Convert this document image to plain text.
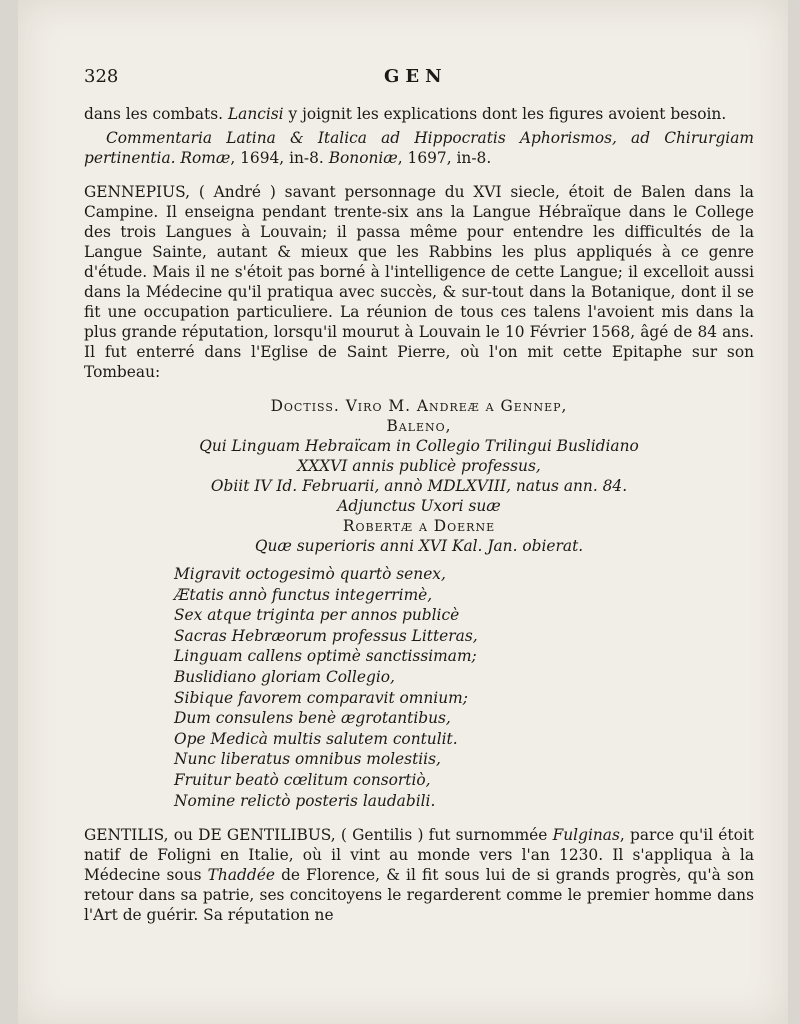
328	GEN

dans les combats. Lancisi y joignit les explications dont les figures avoient besoin.

Commentaria Latina & Italica ad Hippocratis Aphorismos, ad Chirurgiam pertinentia. Romæ, 1694, in-8. Bononiæ, 1697, in-8.

GENNEPIUS, ( André ) savant personnage du XVI siecle, étoit de Balen dans la Campine. Il enseigna pendant trente-six ans la Langue Hébraïque dans le College des trois Langues à Louvain; il passa même pour entendre les difficultés de la Langue Sainte, autant & mieux que les Rabbins les plus appliqués à ce genre d'étude. Mais il ne s'étoit pas borné à l'intelligence de cette Langue; il excelloit aussi dans la Médecine qu'il pratiqua avec succès, & sur-tout dans la Botanique, dont il se fit une occupation particuliere. La réunion de tous ces talens l'avoient mis dans la plus grande réputation, lorsqu'il mourut à Louvain le 10 Février 1568, âgé de 84 ans. Il fut enterré dans l'Eglise de Saint Pierre, où l'on mit cette Epitaphe sur son Tombeau:

Doctiss. Viro M. Andreæ a Gennep,

Baleno,

Qui Linguam Hebraïcam in Collegio Trilingui Buslidiano

XXXVI annis publicè professus,

Obiit IV Id. Februarii, annò MDLXVIII, natus ann. 84.

Adjunctus Uxori suæ

Robertæ a Doerne

Quæ superioris anni XVI Kal. Jan. obierat.

Migravit octogesimò quartò senex,

Ætatis annò functus integerrimè,

Sex atque triginta per annos publicè

Sacras Hebræorum professus Litteras,

Linguam callens optimè sanctissimam;

Buslidiano gloriam Collegio,

Sibique favorem comparavit omnium;

Dum consulens benè ægrotantibus,

Ope Medicà multis salutem contulit.

Nunc liberatus omnibus molestiis,

Fruitur beatò cœlitum consortiò,

Nomine relictò posteris laudabili.

GENTILIS, ou DE GENTILIBUS, ( Gentilis ) fut surnommée Fulginas, parce qu'il étoit natif de Foligni en Italie, où il vint au monde vers l'an 1230. Il s'appliqua à la Médecine sous Thaddée de Florence, & il fit sous lui de si grands progrès, qu'à son retour dans sa patrie, ses concitoyens le regarderent comme le premier homme dans l'Art de guérir. Sa réputation ne
